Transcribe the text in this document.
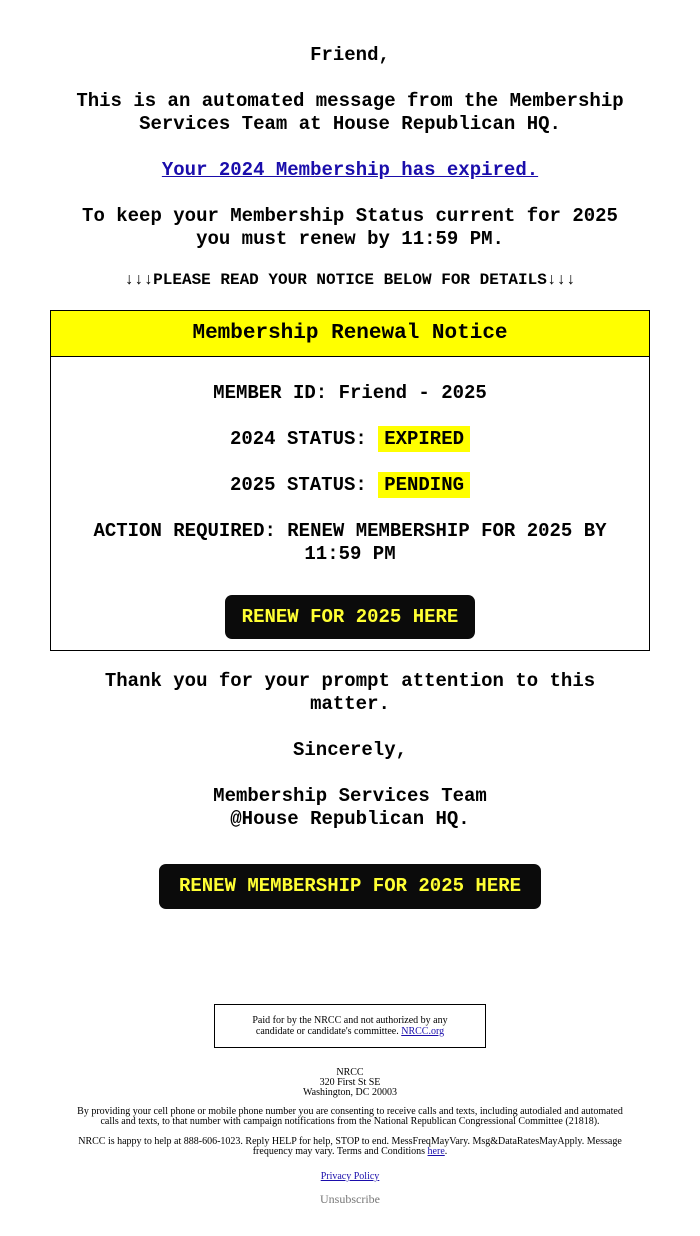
Friend,
This is an automated message from the Membership
Services Team at House Republican HQ.
Your 2024 Membership has expired.
To keep your Membership Status current for 2025
you must renew by 11:59 PM.
↓↓↓PLEASE READ YOUR NOTICE BELOW FOR DETAILS↓↓↓
Membership Renewal Notice
MEMBER ID: Friend - 2025
2024 STATUS: EXPIRED
2025 STATUS: PENDING
ACTION REQUIRED: RENEW MEMBERSHIP FOR 2025 BY
11:59 PM
RENEW FOR 2025 HERE
Thank you for your prompt attention to this
matter.
Sincerely,
Membership Services Team
@House Republican HQ.
RENEW MEMBERSHIP FOR 2025 HERE
Paid for by the NRCC and not authorized by any
candidate or candidate's committee. NRCC.org
NRCC
320 First St SE
Washington, DC 20003
By providing your cell phone or mobile phone number you are consenting to receive calls and texts, including autodialed and automated
calls and texts, to that number with campaign notifications from the National Republican Congressional Committee (21818).
NRCC is happy to help at 888-606-1023. Reply HELP for help, STOP to end. MessFreqMayVary. Msg&DataRatesMayApply. Message
frequency may vary. Terms and Conditions here.
Privacy Policy
Unsubscribe
